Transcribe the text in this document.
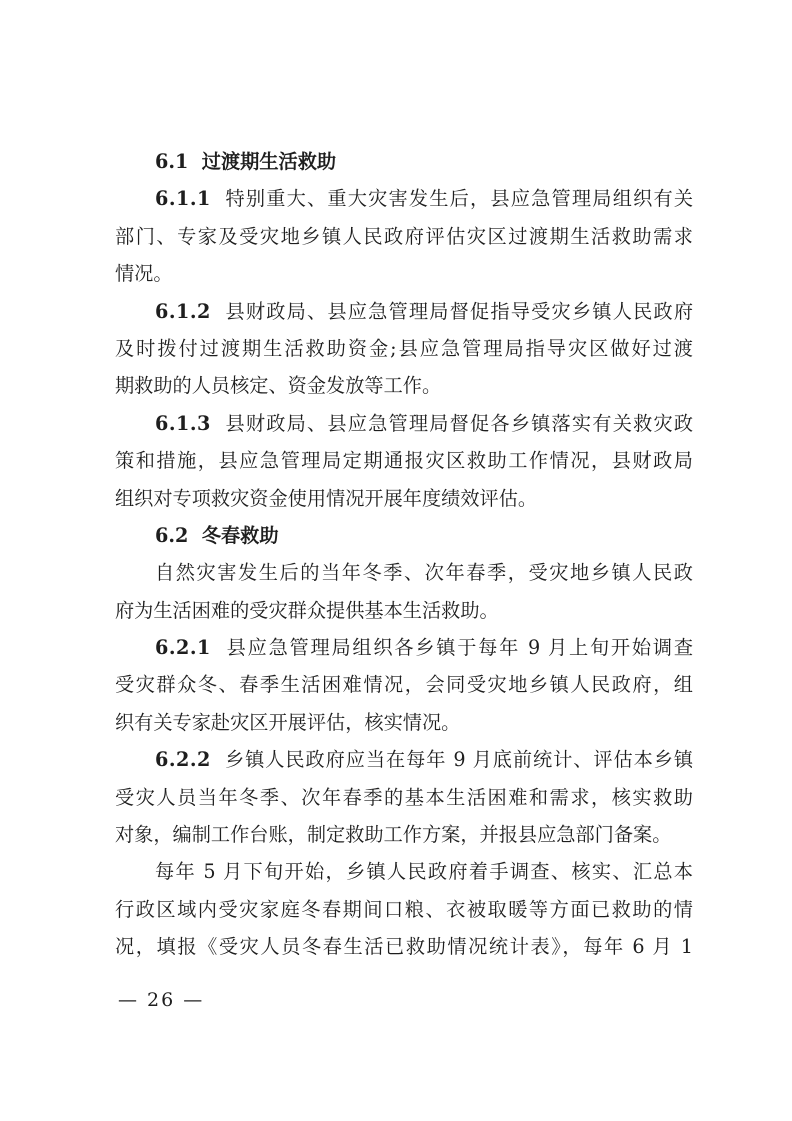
6.1 过渡期生活救助
6.1.1 特别重大、重大灾害发生后，县应急管理局组织有关
部门、专家及受灾地乡镇人民政府评估灾区过渡期生活救助需求
情况。
6.1.2 县财政局、县应急管理局督促指导受灾乡镇人民政府
及时拨付过渡期生活救助资金;县应急管理局指导灾区做好过渡
期救助的人员核定、资金发放等工作。
6.1.3 县财政局、县应急管理局督促各乡镇落实有关救灾政
策和措施，县应急管理局定期通报灾区救助工作情况，县财政局
组织对专项救灾资金使用情况开展年度绩效评估。
6.2 冬春救助
自然灾害发生后的当年冬季、次年春季，受灾地乡镇人民政
府为生活困难的受灾群众提供基本生活救助。
6.2.1 县应急管理局组织各乡镇于每年 9 月上旬开始调查
受灾群众冬、春季生活困难情况，会同受灾地乡镇人民政府，组
织有关专家赴灾区开展评估，核实情况。
6.2.2 乡镇人民政府应当在每年 9 月底前统计、评估本乡镇
受灾人员当年冬季、次年春季的基本生活困难和需求，核实救助
对象，编制工作台账，制定救助工作方案，并报县应急部门备案。
每年 5 月下旬开始，乡镇人民政府着手调查、核实、汇总本
行政区域内受灾家庭冬春期间口粮、衣被取暖等方面已救助的情
况，填报《受灾人员冬春生活已救助情况统计表》，每年 6 月 1
— 26 —
